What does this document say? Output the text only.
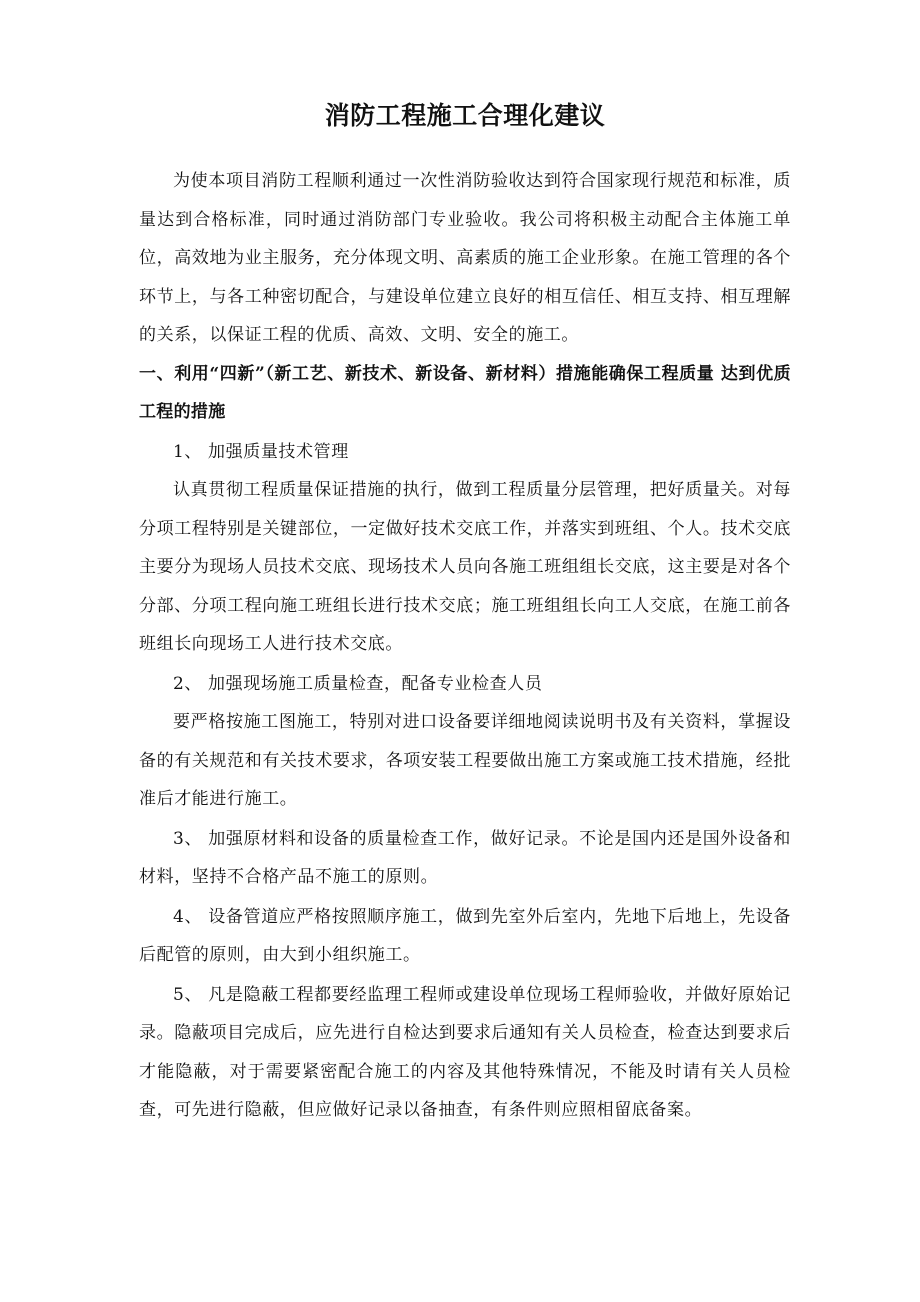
消防工程施工合理化建议

为使本项目消防工程顺利通过一次性消防验收达到符合国家现行规范和标准，质量达到合格标准，同时通过消防部门专业验收。我公司将积极主动配合主体施工单位，高效地为业主服务，充分体现文明、高素质的施工企业形象。在施工管理的各个环节上，与各工种密切配合，与建设单位建立良好的相互信任、相互支持、相互理解的关系，以保证工程的优质、高效、文明、安全的施工。

一、利用“四新”（新工艺、新技术、新设备、新材料）措施能确保工程质量 达到优质工程的措施

1、 加强质量技术管理

认真贯彻工程质量保证措施的执行，做到工程质量分层管理，把好质量关。对每分项工程特别是关键部位，一定做好技术交底工作，并落实到班组、个人。技术交底主要分为现场人员技术交底、现场技术人员向各施工班组组长交底，这主要是对各个分部、分项工程向施工班组长进行技术交底；施工班组组长向工人交底，在施工前各班组长向现场工人进行技术交底。

2、 加强现场施工质量检查，配备专业检查人员

要严格按施工图施工，特别对进口设备要详细地阅读说明书及有关资料，掌握设备的有关规范和有关技术要求，各项安装工程要做出施工方案或施工技术措施，经批准后才能进行施工。

3、 加强原材料和设备的质量检查工作，做好记录。不论是国内还是国外设备和材料，坚持不合格产品不施工的原则。

4、 设备管道应严格按照顺序施工，做到先室外后室内，先地下后地上，先设备后配管的原则，由大到小组织施工。

5、 凡是隐蔽工程都要经监理工程师或建设单位现场工程师验收，并做好原始记录。隐蔽项目完成后，应先进行自检达到要求后通知有关人员检查，检查达到要求后才能隐蔽，对于需要紧密配合施工的内容及其他特殊情况，不能及时请有关人员检查，可先进行隐蔽，但应做好记录以备抽查，有条件则应照相留底备案。
